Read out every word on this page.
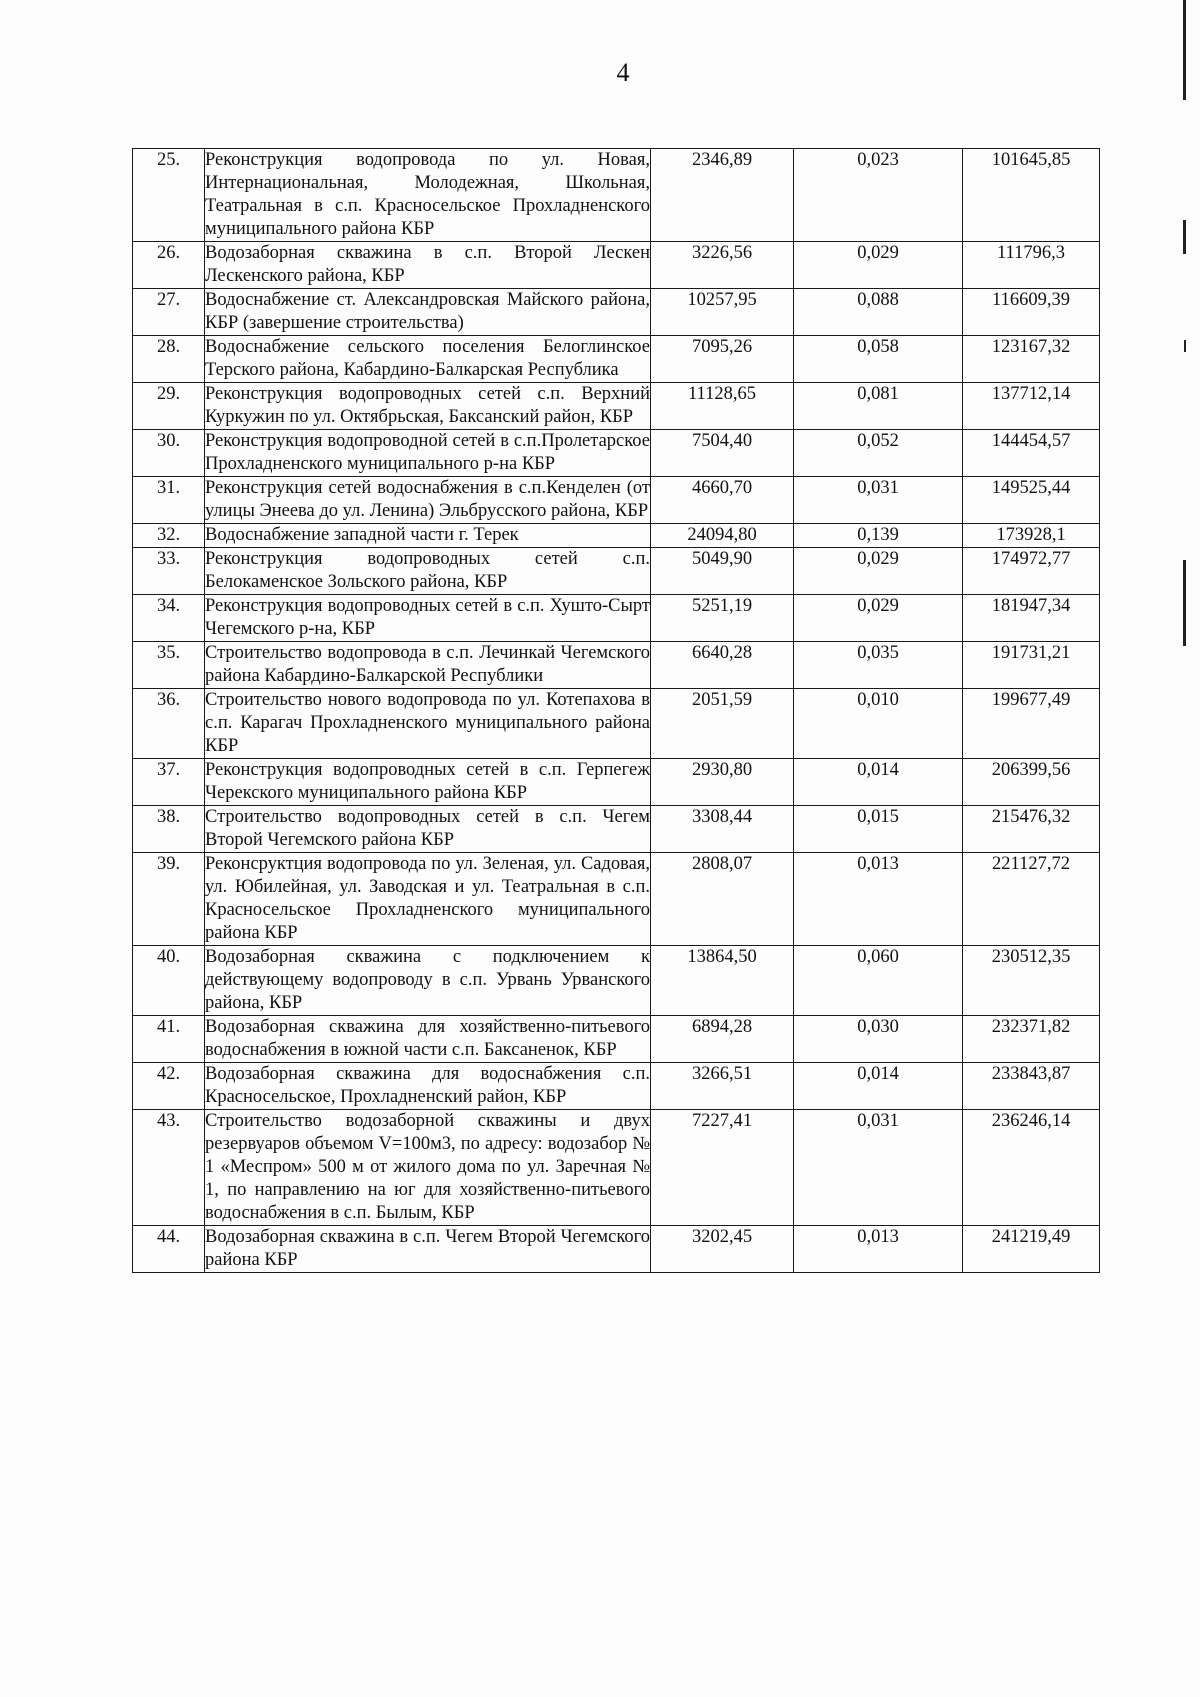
4
25.	Реконструкция водопровода по ул. Новая, Интернациональная, Молодежная, Школьная, Театральная в с.п. Красносельское Прохладненского муниципального района КБР	2346,89	0,023	101645,85
26.	Водозаборная скважина в с.п. Второй Лескен Лескенского района, КБР	3226,56	0,029	111796,3
27.	Водоснабжение ст. Александровская Майского района, КБР (завершение строительства)	10257,95	0,088	116609,39
28.	Водоснабжение сельского поселения Белоглинское Терского района, Кабардино-Балкарская Республика	7095,26	0,058	123167,32
29.	Реконструкция водопроводных сетей с.п. Верхний Куркужин по ул. Октябрьская, Баксанский район, КБР	11128,65	0,081	137712,14
30.	Реконструкция водопроводной сетей в с.п.Пролетарское Прохладненского муниципального р-на КБР	7504,40	0,052	144454,57
31.	Реконструкция сетей водоснабжения в с.п.Кенделен (от улицы Энеева до ул. Ленина) Эльбрусского района, КБР	4660,70	0,031	149525,44
32.	Водоснабжение западной части г. Терек	24094,80	0,139	173928,1
33.	Реконструкция водопроводных сетей с.п. Белокаменское Зольского района, КБР	5049,90	0,029	174972,77
34.	Реконструкция водопроводных сетей в с.п. Хушто-Сырт Чегемского р-на, КБР	5251,19	0,029	181947,34
35.	Строительство водопровода в с.п. Лечинкай Чегемского района Кабардино-Балкарской Республики	6640,28	0,035	191731,21
36.	Строительство нового водопровода по ул. Котепахова в с.п. Карагач Прохладненского муниципального района КБР	2051,59	0,010	199677,49
37.	Реконструкция водопроводных сетей в с.п. Герпегеж Черекского муниципального района КБР	2930,80	0,014	206399,56
38.	Строительство водопроводных сетей в с.п. Чегем Второй Чегемского района КБР	3308,44	0,015	215476,32
39.	Реконсруктция водопровода по ул. Зеленая, ул. Садовая, ул. Юбилейная, ул. Заводская и ул. Театральная в с.п. Красносельское Прохладненского муниципального района КБР	2808,07	0,013	221127,72
40.	Водозаборная скважина с подключением к действующему водопроводу в с.п. Урвань Урванского района, КБР	13864,50	0,060	230512,35
41.	Водозаборная скважина для хозяйственно-питьевого водоснабжения в южной части с.п. Баксаненок, КБР	6894,28	0,030	232371,82
42.	Водозаборная скважина для водоснабжения с.п. Красносельское, Прохладненский район, КБР	3266,51	0,014	233843,87
43.	Строительство водозаборной скважины и двух резервуаров объемом V=100м3, по адресу: водозабор № 1 «Меспром» 500 м от жилого дома по ул. Заречная № 1, по направлению на юг для хозяйственно-питьевого водоснабжения в с.п. Былым, КБР	7227,41	0,031	236246,14
44.	Водозаборная скважина в с.п. Чегем Второй Чегемского района КБР	3202,45	0,013	241219,49
